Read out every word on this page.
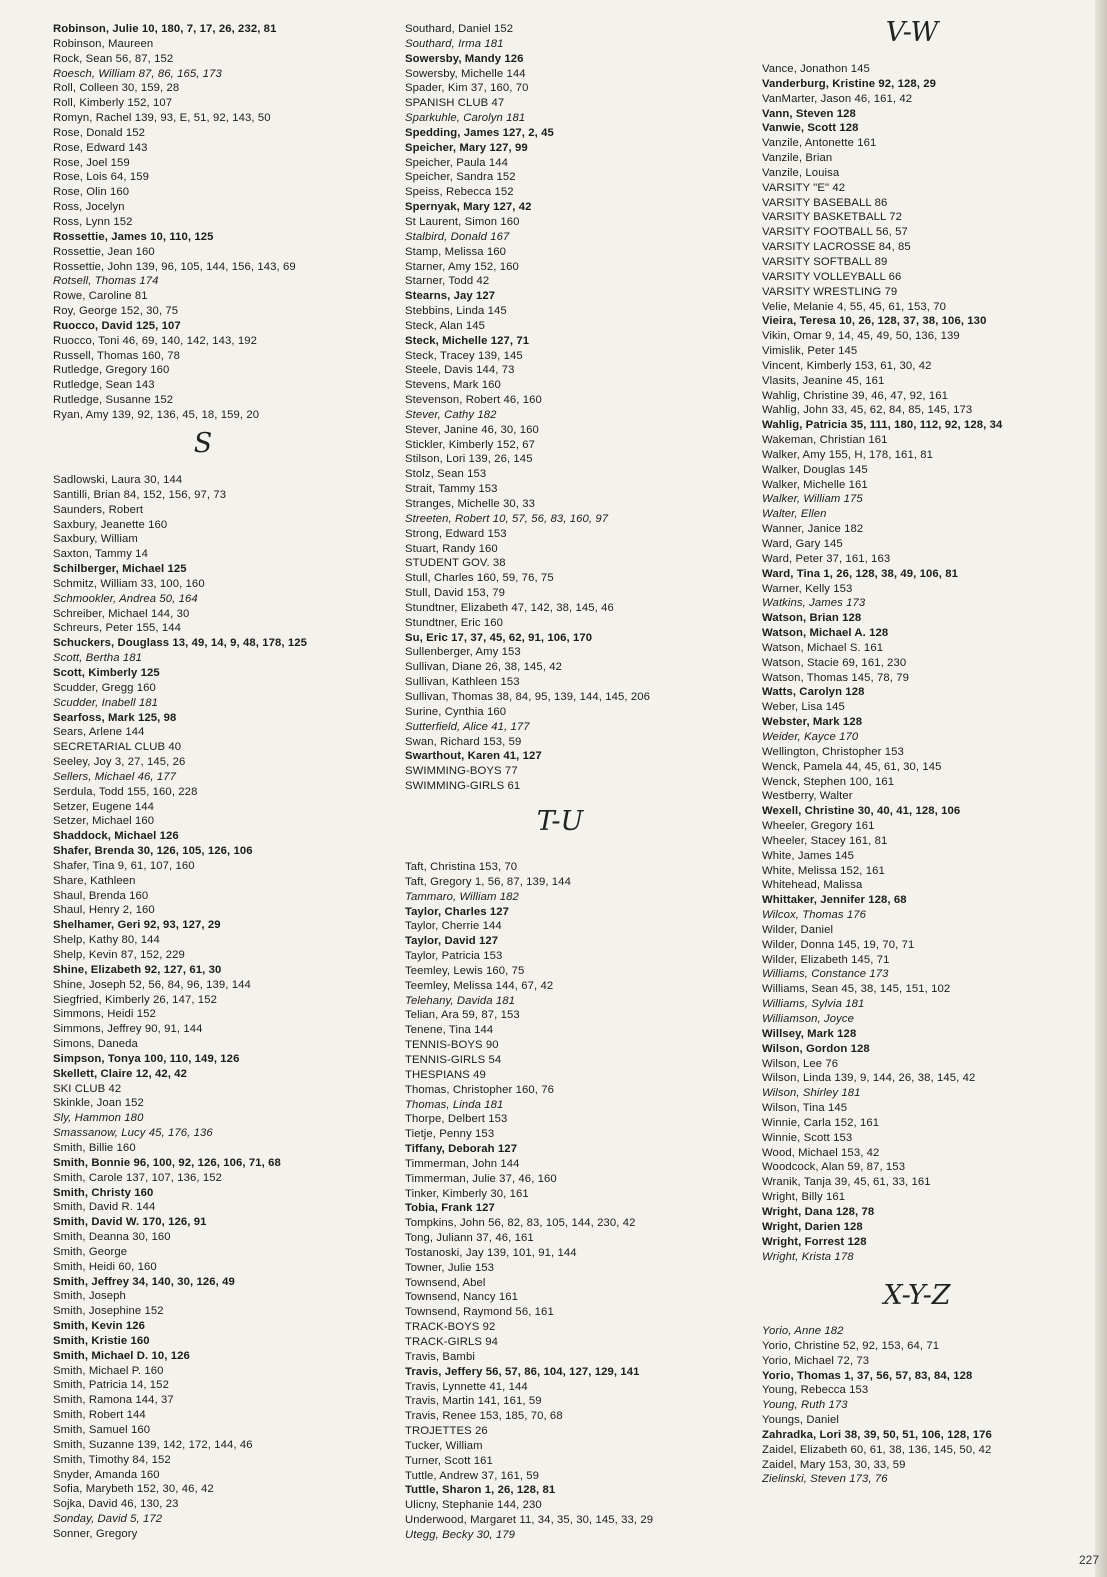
Robinson, Julie 10, 180, 7, 17, 26, 232, 81
Robinson, Maureen
Rock, Sean 56, 87, 152
Roesch, William 87, 86, 165, 173
Roll, Colleen 30, 159, 28
Roll, Kimberly 152, 107
Romyn, Rachel 139, 93, E, 51, 92, 143, 50
Rose, Donald 152
Rose, Edward 143
Rose, Joel 159
Rose, Lois 64, 159
Rose, Olin 160
Ross, Jocelyn
Ross, Lynn 152
Rossettie, James 10, 110, 125
Rossettie, Jean 160
Rossettie, John 139, 96, 105, 144, 156, 143, 69
Rotsell, Thomas 174
Rowe, Caroline 81
Roy, George 152, 30, 75
Ruocco, David 125, 107
Ruocco, Toni 46, 69, 140, 142, 143, 192
Russell, Thomas 160, 78
Rutledge, Gregory 160
Rutledge, Sean 143
Rutledge, Susanne 152
Ryan, Amy 139, 92, 136, 45, 18, 159, 20
S
Sadlowski, Laura 30, 144
Santilli, Brian 84, 152, 156, 97, 73
Saunders, Robert
Saxbury, Jeanette 160
Saxbury, William
Saxton, Tammy 14
Schilberger, Michael 125
Schmitz, William 33, 100, 160
Schmookler, Andrea 50, 164
Schreiber, Michael 144, 30
Schreurs, Peter 155, 144
Schuckers, Douglass 13, 49, 14, 9, 48, 178, 125
Scott, Bertha 181
Scott, Kimberly 125
Scudder, Gregg 160
Scudder, Inabell 181
Searfoss, Mark 125, 98
Sears, Arlene 144
SECRETARIAL CLUB 40
Seeley, Joy 3, 27, 145, 26
Sellers, Michael 46, 177
Serdula, Todd 155, 160, 228
Setzer, Eugene 144
Setzer, Michael 160
Shaddock, Michael 126
Shafer, Brenda 30, 126, 105, 126, 106
Shafer, Tina 9, 61, 107, 160
Share, Kathleen
Shaul, Brenda 160
Shaul, Henry 2, 160
Shelhamer, Geri 92, 93, 127, 29
Shelp, Kathy 80, 144
Shelp, Kevin 87, 152, 229
Shine, Elizabeth 92, 127, 61, 30
Shine, Joseph 52, 56, 84, 96, 139, 144
Siegfried, Kimberly 26, 147, 152
Simmons, Heidi 152
Simmons, Jeffrey 90, 91, 144
Simons, Daneda
Simpson, Tonya 100, 110, 149, 126
Skellett, Claire 12, 42, 42
SKI CLUB 42
Skinkle, Joan 152
Sly, Hammon 180
Smassanow, Lucy 45, 176, 136
Smith, Billie 160
Smith, Bonnie 96, 100, 92, 126, 106, 71, 68
Smith, Carole 137, 107, 136, 152
Smith, Christy 160
Smith, David R. 144
Smith, David W. 170, 126, 91
Smith, Deanna 30, 160
Smith, George
Smith, Heidi 60, 160
Smith, Jeffrey 34, 140, 30, 126, 49
Smith, Joseph
Smith, Josephine 152
Smith, Kevin 126
Smith, Kristie 160
Smith, Michael D. 10, 126
Smith, Michael P. 160
Smith, Patricia 14, 152
Smith, Ramona 144, 37
Smith, Robert 144
Smith, Samuel 160
Smith, Suzanne 139, 142, 172, 144, 46
Smith, Timothy 84, 152
Snyder, Amanda 160
Sofia, Marybeth 152, 30, 46, 42
Sojka, David 46, 130, 23
Sonday, David 5, 172
Sonner, Gregory
Southard, Daniel 152
Southard, Irma 181
Sowersby, Mandy 126
Sowersby, Michelle 144
Spader, Kim 37, 160, 70
SPANISH CLUB 47
Sparkuhle, Carolyn 181
Spedding, James 127, 2, 45
Speicher, Mary 127, 99
Speicher, Paula 144
Speicher, Sandra 152
Speiss, Rebecca 152
Spernyak, Mary 127, 42
St Laurent, Simon 160
Stalbird, Donald 167
Stamp, Melissa 160
Starner, Amy 152, 160
Starner, Todd 42
Stearns, Jay 127
Stebbins, Linda 145
Steck, Alan 145
Steck, Michelle 127, 71
Steck, Tracey 139, 145
Steele, Davis 144, 73
Stevens, Mark 160
Stevenson, Robert 46, 160
Stever, Cathy 182
Stever, Janine 46, 30, 160
Stickler, Kimberly 152, 67
Stilson, Lori 139, 26, 145
Stolz, Sean 153
Strait, Tammy 153
Stranges, Michelle 30, 33
Streeten, Robert 10, 57, 56, 83, 160, 97
Strong, Edward 153
Stuart, Randy 160
STUDENT GOV. 38
Stull, Charles 160, 59, 76, 75
Stull, David 153, 79
Stundtner, Elizabeth 47, 142, 38, 145, 46
Stundtner, Eric 160
Su, Eric 17, 37, 45, 62, 91, 106, 170
Sullenberger, Amy 153
Sullivan, Diane 26, 38, 145, 42
Sullivan, Kathleen 153
Sullivan, Thomas 38, 84, 95, 139, 144, 145, 206
Surine, Cynthia 160
Sutterfield, Alice 41, 177
Swan, Richard 153, 59
Swarthout, Karen 41, 127
SWIMMING-BOYS 77
SWIMMING-GIRLS 61
T-U
Taft, Christina 153, 70
Taft, Gregory 1, 56, 87, 139, 144
Tammaro, William 182
Taylor, Charles 127
Taylor, Cherrie 144
Taylor, David 127
Taylor, Patricia 153
Teemley, Lewis 160, 75
Teemley, Melissa 144, 67, 42
Telehany, Davida 181
Telian, Ara 59, 87, 153
Tenene, Tina 144
TENNIS-BOYS 90
TENNIS-GIRLS 54
THESPIANS 49
Thomas, Christopher 160, 76
Thomas, Linda 181
Thorpe, Delbert 153
Tietje, Penny 153
Tiffany, Deborah 127
Timmerman, John 144
Timmerman, Julie 37, 46, 160
Tinker, Kimberly 30, 161
Tobia, Frank 127
Tompkins, John 56, 82, 83, 105, 144, 230, 42
Tong, Juliann 37, 46, 161
Tostanoski, Jay 139, 101, 91, 144
Towner, Julie 153
Townsend, Abel
Townsend, Nancy 161
Townsend, Raymond 56, 161
TRACK-BOYS 92
TRACK-GIRLS 94
Travis, Bambi
Travis, Jeffery 56, 57, 86, 104, 127, 129, 141
Travis, Lynnette 41, 144
Travis, Martin 141, 161, 59
Travis, Renee 153, 185, 70, 68
TROJETTES 26
Tucker, William
Turner, Scott 161
Tuttle, Andrew 37, 161, 59
Tuttle, Sharon 1, 26, 128, 81
Ulicny, Stephanie 144, 230
Underwood, Margaret 11, 34, 35, 30, 145, 33, 29
Utegg, Becky 30, 179
V-W
Vance, Jonathon 145
Vanderburg, Kristine 92, 128, 29
VanMarter, Jason 46, 161, 42
Vann, Steven 128
Vanwie, Scott 128
Vanzile, Antonette 161
Vanzile, Brian
Vanzile, Louisa
VARSITY "E" 42
VARSITY BASEBALL 86
VARSITY BASKETBALL 72
VARSITY FOOTBALL 56, 57
VARSITY LACROSSE 84, 85
VARSITY SOFTBALL 89
VARSITY VOLLEYBALL 66
VARSITY WRESTLING 79
Velie, Melanie 4, 55, 45, 61, 153, 70
Vieira, Teresa 10, 26, 128, 37, 38, 106, 130
Vikin, Omar 9, 14, 45, 49, 50, 136, 139
Vimislik, Peter 145
Vincent, Kimberly 153, 61, 30, 42
Vlasits, Jeanine 45, 161
Wahlig, Christine 39, 46, 47, 92, 161
Wahlig, John 33, 45, 62, 84, 85, 145, 173
Wahlig, Patricia 35, 111, 180, 112, 92, 128, 34
Wakeman, Christian 161
Walker, Amy 155, H, 178, 161, 81
Walker, Douglas 145
Walker, Michelle 161
Walker, William 175
Walter, Ellen
Wanner, Janice 182
Ward, Gary 145
Ward, Peter 37, 161, 163
Ward, Tina 1, 26, 128, 38, 49, 106, 81
Warner, Kelly 153
Watkins, James 173
Watson, Brian 128
Watson, Michael A. 128
Watson, Michael S. 161
Watson, Stacie 69, 161, 230
Watson, Thomas 145, 78, 79
Watts, Carolyn 128
Weber, Lisa 145
Webster, Mark 128
Weider, Kayce 170
Wellington, Christopher 153
Wenck, Pamela 44, 45, 61, 30, 145
Wenck, Stephen 100, 161
Westberry, Walter
Wexell, Christine 30, 40, 41, 128, 106
Wheeler, Gregory 161
Wheeler, Stacey 161, 81
White, James 145
White, Melissa 152, 161
Whitehead, Malissa
Whittaker, Jennifer 128, 68
Wilcox, Thomas 176
Wilder, Daniel
Wilder, Donna 145, 19, 70, 71
Wilder, Elizabeth 145, 71
Williams, Constance 173
Williams, Sean 45, 38, 145, 151, 102
Williams, Sylvia 181
Williamson, Joyce
Willsey, Mark 128
Wilson, Gordon 128
Wilson, Lee 76
Wilson, Linda 139, 9, 144, 26, 38, 145, 42
Wilson, Shirley 181
Wilson, Tina 145
Winnie, Carla 152, 161
Winnie, Scott 153
Wood, Michael 153, 42
Woodcock, Alan 59, 87, 153
Wranik, Tanja 39, 45, 61, 33, 161
Wright, Billy 161
Wright, Dana 128, 78
Wright, Darien 128
Wright, Forrest 128
Wright, Krista 178
X-Y-Z
Yorio, Anne 182
Yorio, Christine 52, 92, 153, 64, 71
Yorio, Michael 72, 73
Yorio, Thomas 1, 37, 56, 57, 83, 84, 128
Young, Rebecca 153
Young, Ruth 173
Youngs, Daniel
Zahradka, Lori 38, 39, 50, 51, 106, 128, 176
Zaidel, Elizabeth 60, 61, 38, 136, 145, 50, 42
Zaidel, Mary 153, 30, 33, 59
Zielinski, Steven 173, 76
227
